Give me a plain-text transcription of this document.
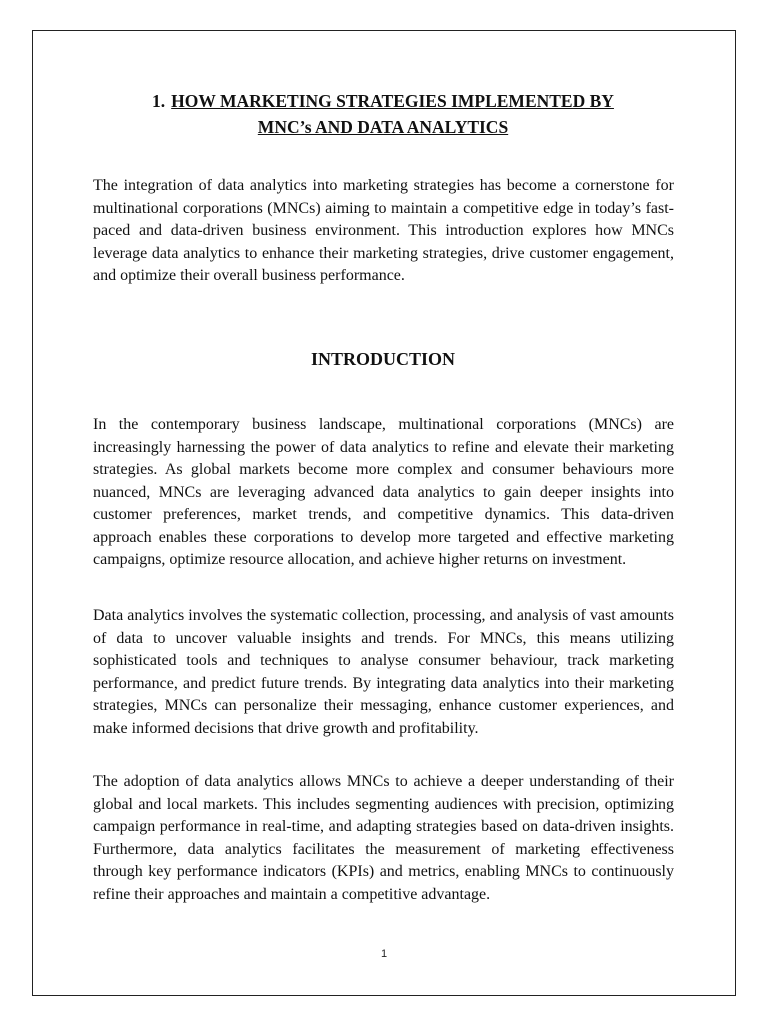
1. HOW MARKETING STRATEGIES IMPLEMENTED BY
MNC’s AND DATA ANALYTICS

The integration of data analytics into marketing strategies has become a cornerstone for multinational corporations (MNCs) aiming to maintain a competitive edge in today’s fast-paced and data-driven business environment. This introduction explores how MNCs leverage data analytics to enhance their marketing strategies, drive customer engagement, and optimize their overall business performance.

INTRODUCTION

In the contemporary business landscape, multinational corporations (MNCs) are increasingly harnessing the power of data analytics to refine and elevate their marketing strategies. As global markets become more complex and consumer behaviours more nuanced, MNCs are leveraging advanced data analytics to gain deeper insights into customer preferences, market trends, and competitive dynamics. This data-driven approach enables these corporations to develop more targeted and effective marketing campaigns, optimize resource allocation, and achieve higher returns on investment.

Data analytics involves the systematic collection, processing, and analysis of vast amounts of data to uncover valuable insights and trends. For MNCs, this means utilizing sophisticated tools and techniques to analyse consumer behaviour, track marketing performance, and predict future trends. By integrating data analytics into their marketing strategies, MNCs can personalize their messaging, enhance customer experiences, and make informed decisions that drive growth and profitability.

The adoption of data analytics allows MNCs to achieve a deeper understanding of their global and local markets. This includes segmenting audiences with precision, optimizing campaign performance in real-time, and adapting strategies based on data-driven insights. Furthermore, data analytics facilitates the measurement of marketing effectiveness through key performance indicators (KPIs) and metrics, enabling MNCs to continuously refine their approaches and maintain a competitive advantage.

1
